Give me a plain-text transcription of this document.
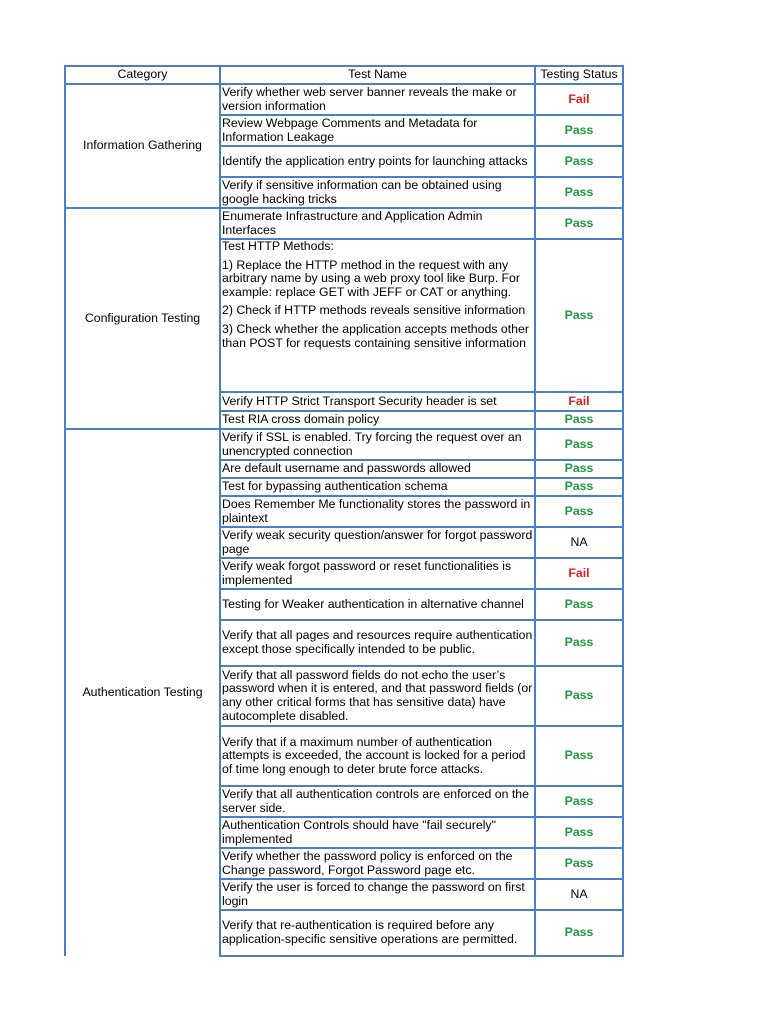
Category	Test Name	Testing Status
Information Gathering	Verify whether web server banner reveals the make or version information	Fail
	Review Webpage Comments and Metadata for Information Leakage	Pass
	Identify the application entry points for launching attacks	Pass
	Verify if sensitive information can be obtained using google hacking tricks	Pass
Configuration Testing	Enumerate Infrastructure and Application Admin Interfaces	Pass

	Test HTTP Methods:
1) Replace the HTTP method in the request with any arbitrary name by using a web proxy tool like Burp. For example: replace GET with JEFF or CAT or anything.
2) Check if HTTP methods reveals sensitive information
3) Check whether the application accepts methods other than POST for requests containing sensitive information	Pass
	Verify HTTP Strict Transport Security header is set	Fail
	Test RIA cross domain policy	Pass
Authentication Testing	Verify if SSL is enabled. Try forcing the request over an unencrypted connection	Pass
	Are default username and passwords allowed	Pass
	Test for bypassing authentication schema	Pass
	Does Remember Me functionality stores the password in plaintext	Pass
	Verify weak security question/answer for forgot password page	NA
	Verify weak forgot password or reset functionalities is implemented	Fail
	Testing for Weaker authentication in alternative channel	Pass
	Verify that all pages and resources require authentication except those specifically intended to be public.	Pass
	Verify that all password fields do not echo the user’s password when it is entered, and that password fields (or any other critical forms that has sensitive data) have autocomplete disabled.	Pass
	Verify that if a maximum number of authentication attempts is exceeded, the account is locked for a period of time long enough to deter brute force attacks.	Pass
	Verify that all authentication controls are enforced on the server side.	Pass
	Authentication Controls should have "fail securely" implemented	Pass
	Verify whether the password policy is enforced on the Change password, Forgot Password page etc.	Pass
	Verify the user is forced to change the password on first login	NA
	Verify that re-authentication is required before any application-specific sensitive operations are permitted.	Pass
